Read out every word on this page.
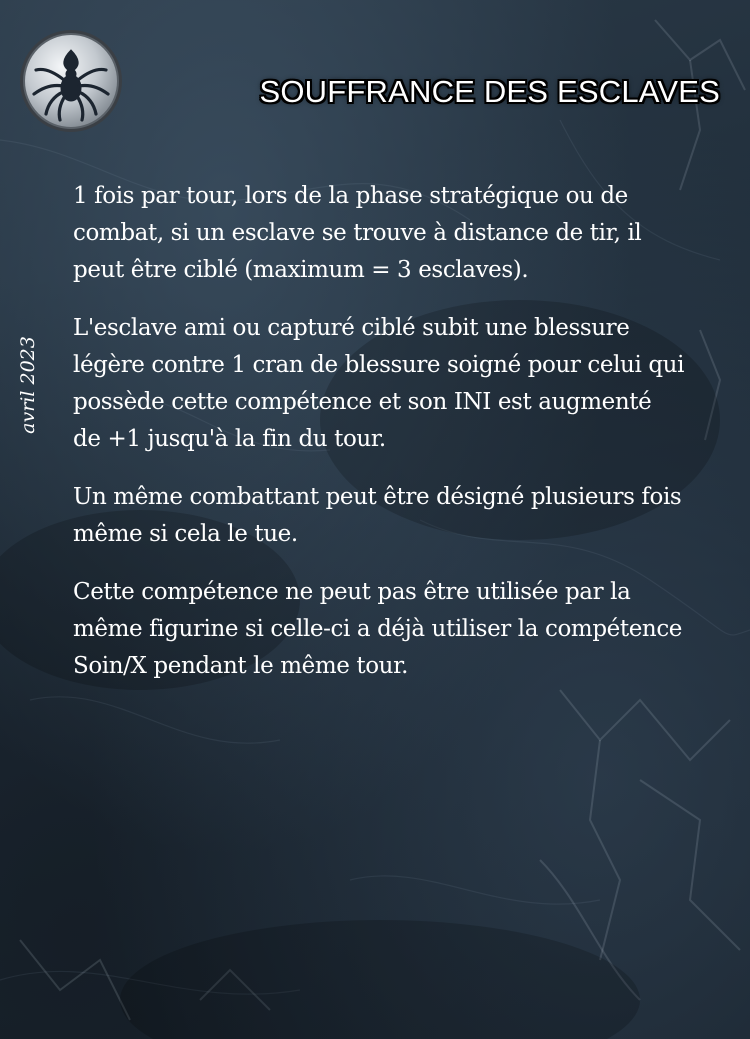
SOUFFRANCE DES ESCLAVES
avril 2023

1 fois par tour, lors de la phase stratégique ou de combat, si un esclave se trouve à distance de tir, il peut être ciblé (maximum = 3 esclaves).

L'esclave ami ou capturé ciblé subit une blessure légère contre 1 cran de blessure soigné pour celui qui possède cette compétence et son INI est augmenté de +1 jusqu'à la fin du tour.

Un même combattant peut être désigné plusieurs fois même si cela le tue.

Cette compétence ne peut pas être utilisée par la même figurine si celle-ci a déjà utiliser la compétence Soin/X pendant le même tour.
